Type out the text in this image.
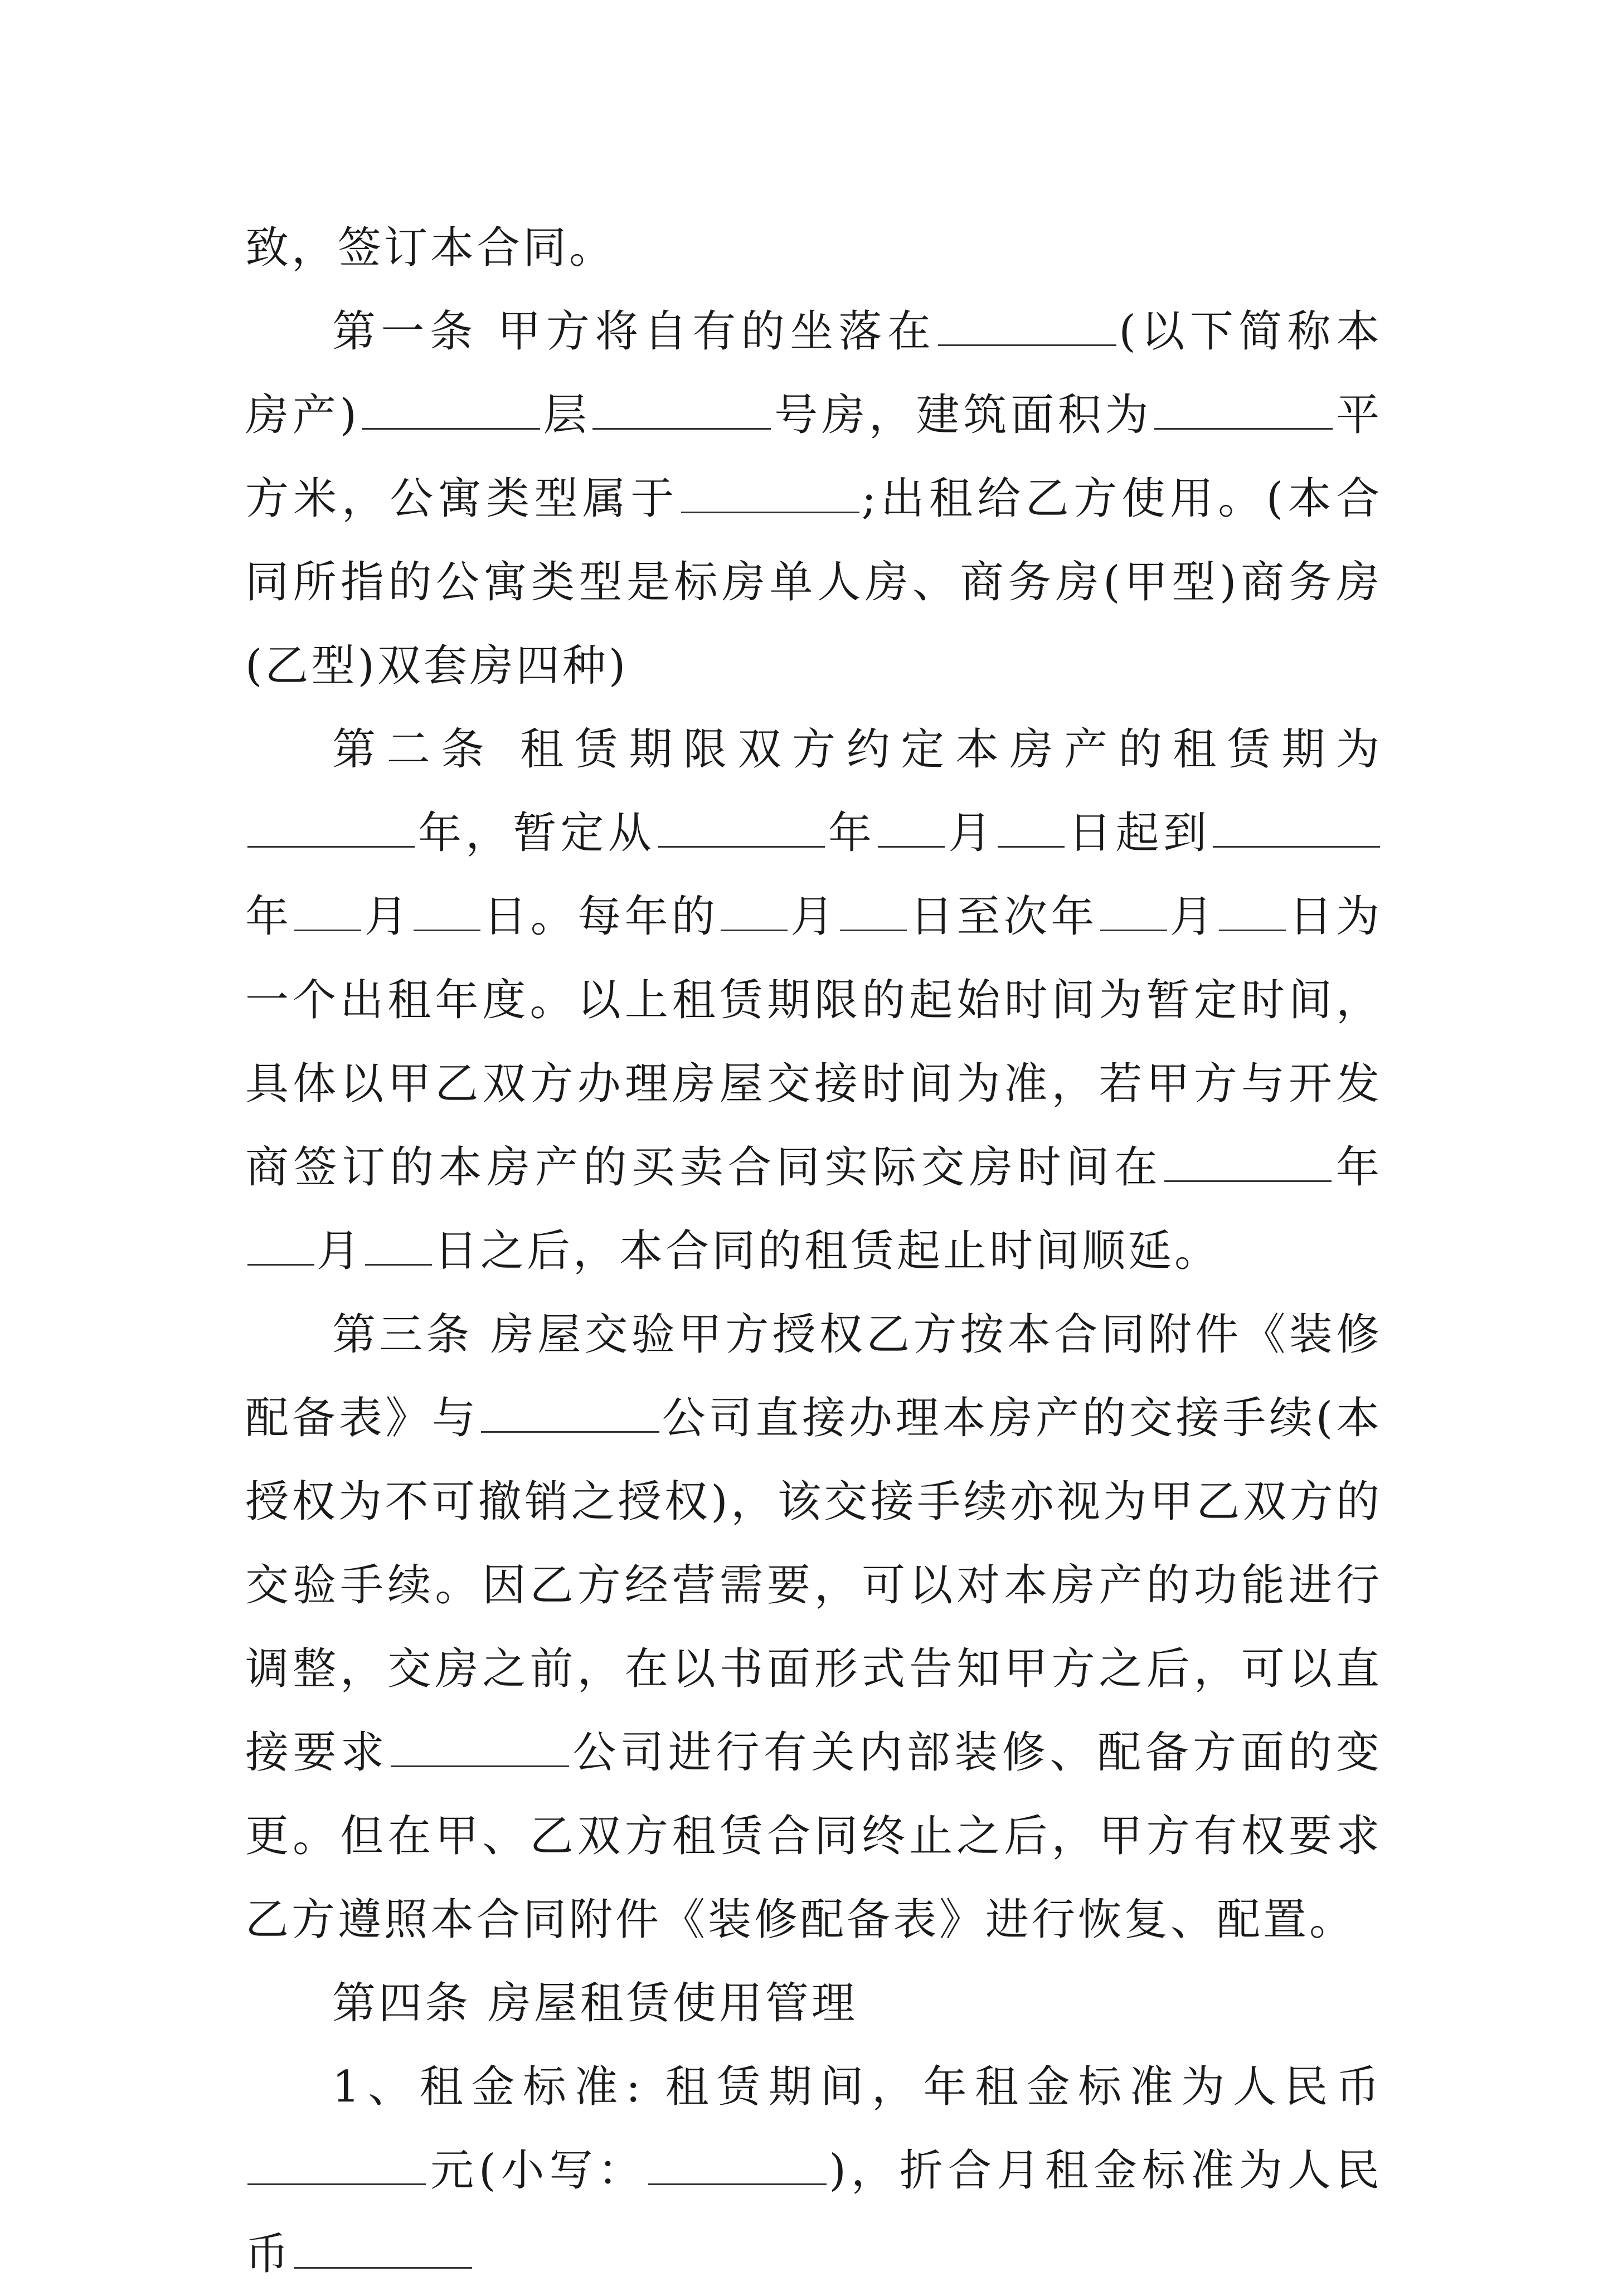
致，签订本合同。

第一条 甲方将自有的坐落在	(以下简称本房产)	层	号房，建筑面积为	平方米，公寓类型属于	;出租给乙方使用。(本合同所指的公寓类型是标房单人房、商务房(甲型)商务房(乙型)双套房四种)

第二条 租赁期限双方约定本房产的租赁期为年，暂定从	年 月 日起到年 月 日。每年的 月 日至次年 月 日为一个出租年度。以上租赁期限的起始时间为暂定时间，具体以甲乙双方办理房屋交接时间为准，若甲方与开发商签订的本房产的买卖合同实际交房时间在	年月 日之后，本合同的租赁起止时间顺延。

第三条 房屋交验甲方授权乙方按本合同附件《装修配备表》与	公司直接办理本房产的交接手续(本授权为不可撤销之授权)，该交接手续亦视为甲乙双方的交验手续。因乙方经营需要，可以对本房产的功能进行调整，交房之前，在以书面形式告知甲方之后，可以直接要求	公司进行有关内部装修、配备方面的变更。但在甲、乙双方租赁合同终止之后，甲方有权要求乙方遵照本合同附件《装修配备表》进行恢复、配置。

第四条 房屋租赁使用管理

1、租金标准: 租赁期间，年租金标准为人民币元(小写：	)，折合月租金标准为人民币
